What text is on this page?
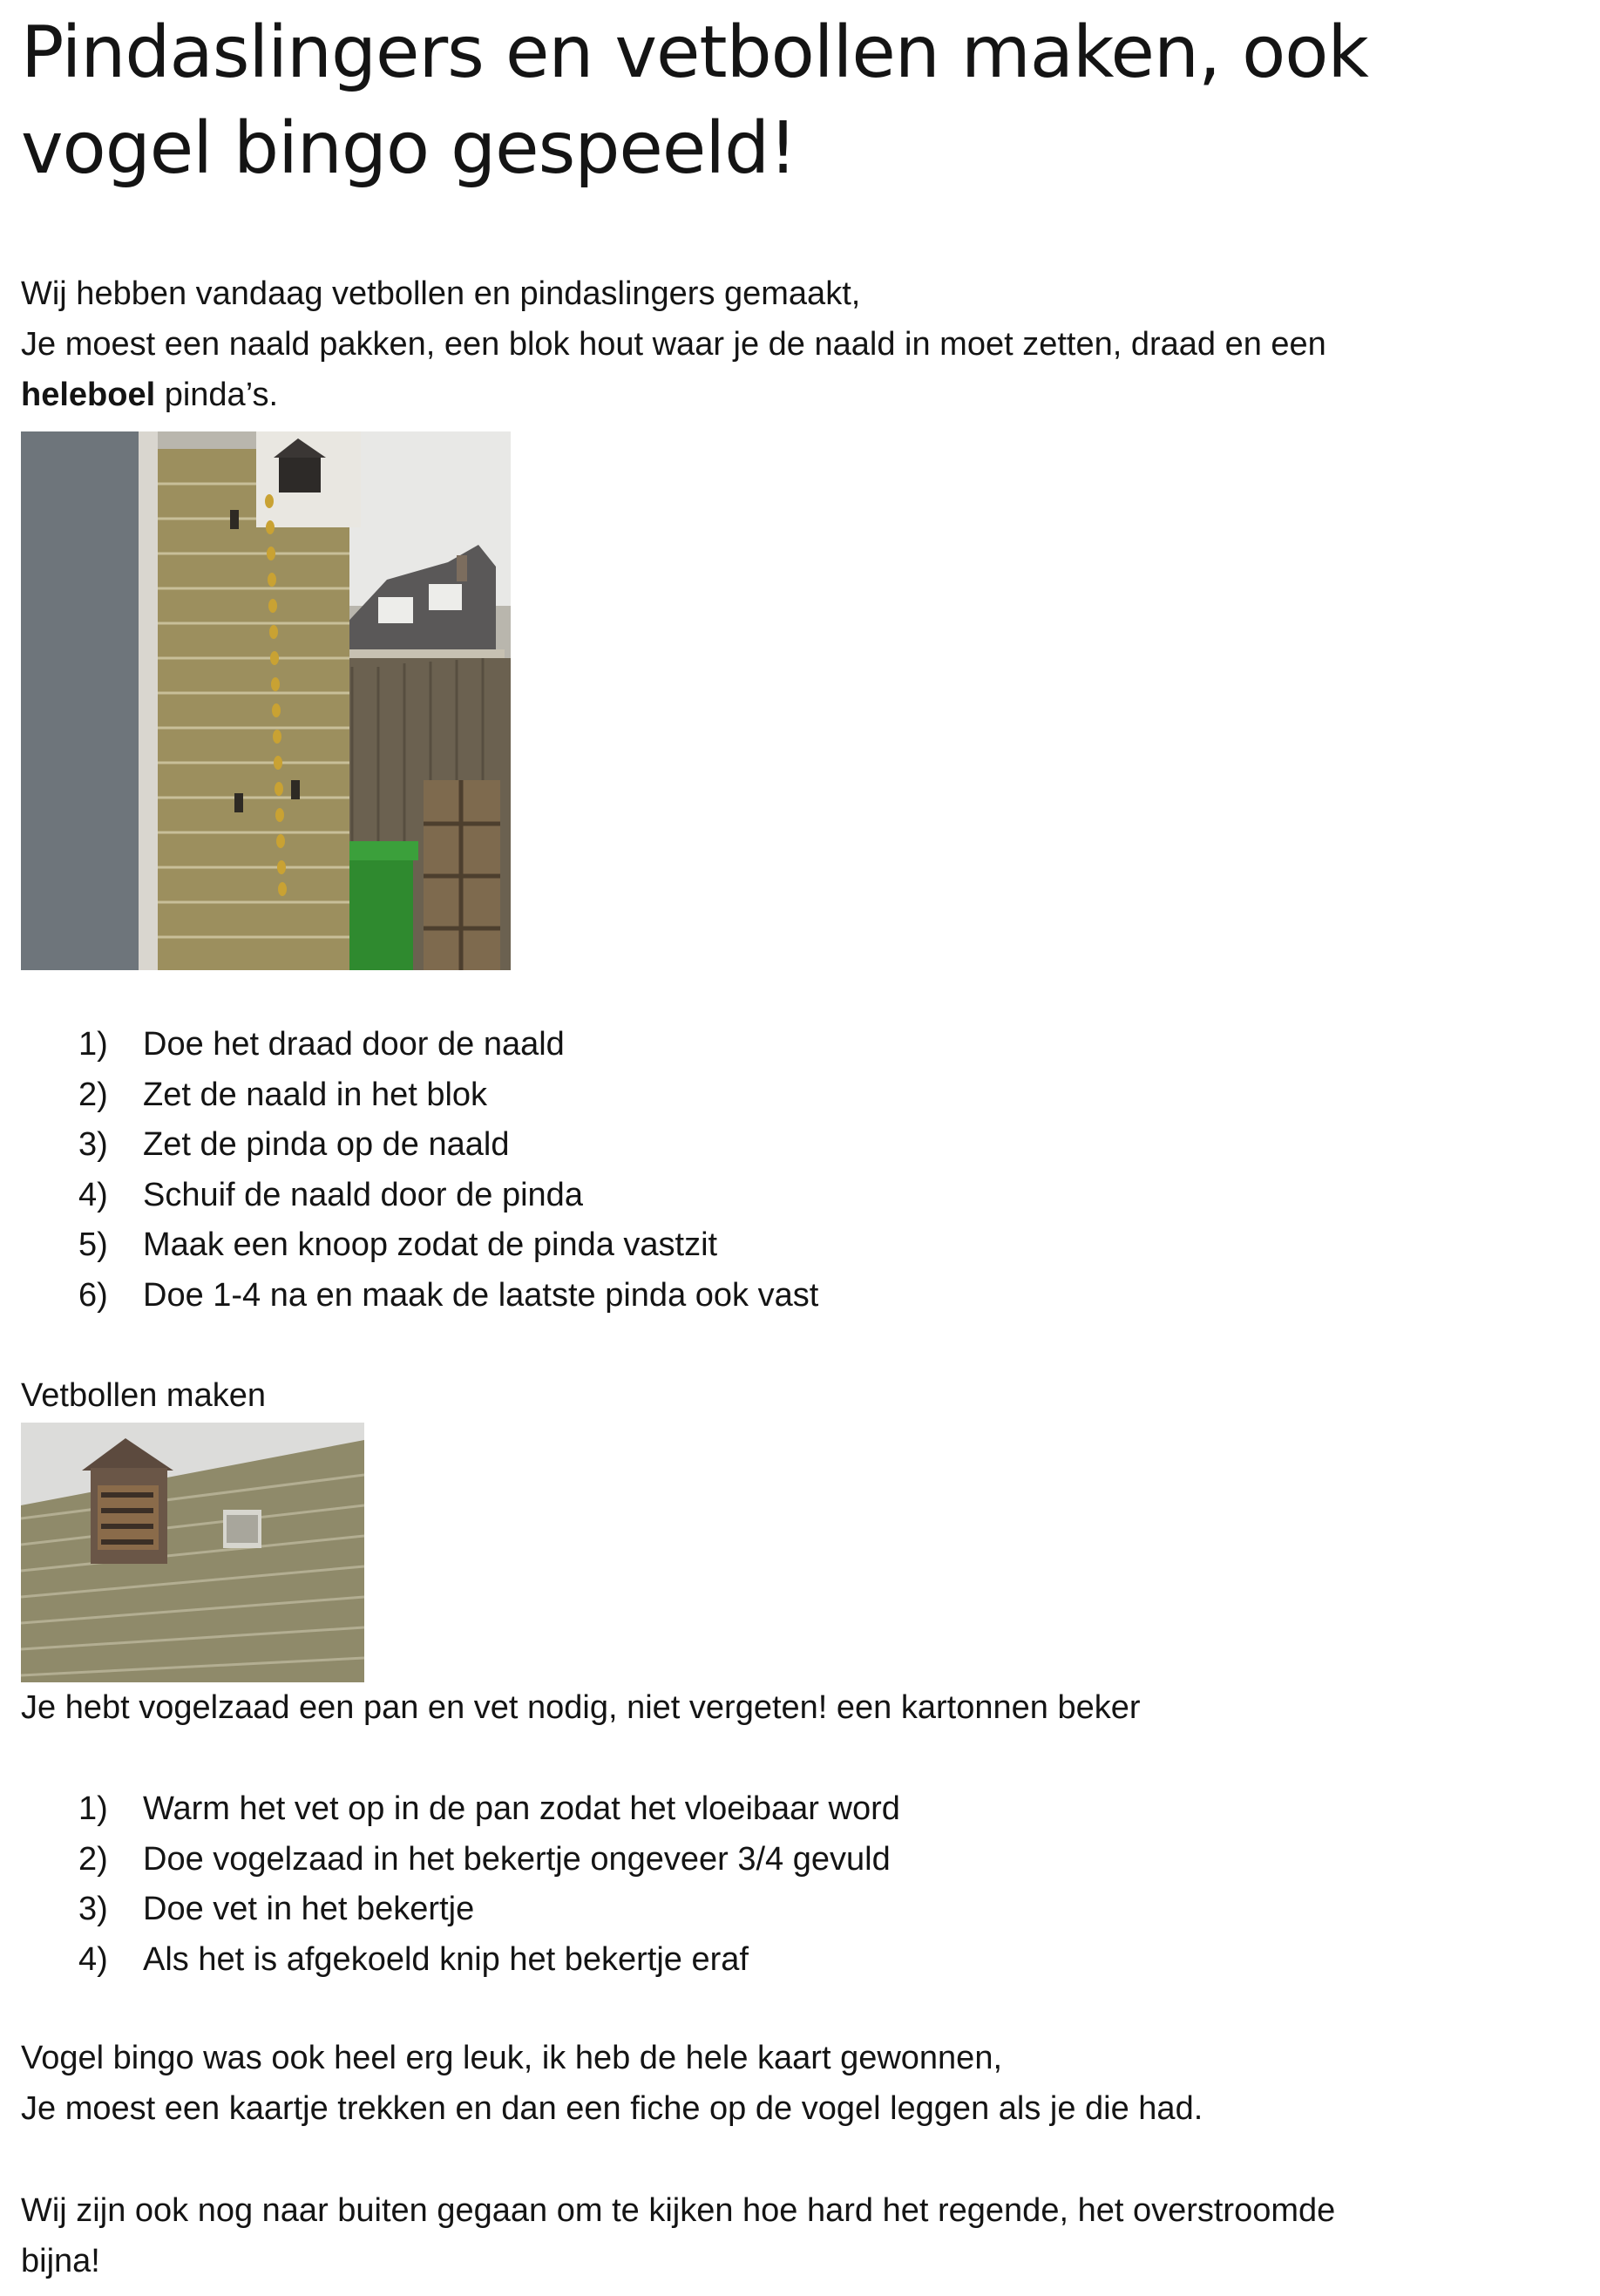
Pindaslingers en vetbollen maken, ook vogel bingo gespeeld!

Wij hebben vandaag vetbollen en pindaslingers gemaakt,
Je moest een naald pakken, een blok hout waar je de naald in moet zetten, draad en een
heleboel pinda’s.

1) Doe het draad door de naald
2) Zet de naald in het blok
3) Zet de pinda op de naald
4) Schuif de naald door de pinda
5) Maak een knoop zodat de pinda vastzit
6) Doe 1-4 na en maak de laatste pinda ook vast

Vetbollen maken

Je hebt vogelzaad een pan en vet nodig, niet vergeten! een kartonnen beker

1) Warm het vet op in de pan zodat het vloeibaar word
2) Doe vogelzaad in het bekertje ongeveer 3/4 gevuld
3) Doe vet in het bekertje
4) Als het is afgekoeld knip het bekertje eraf

Vogel bingo was ook heel erg leuk, ik heb de hele kaart gewonnen,
Je moest een kaartje trekken en dan een fiche op de vogel leggen als je die had.

Wij zijn ook nog naar buiten gegaan om te kijken hoe hard het regende, het overstroomde
bijna!
